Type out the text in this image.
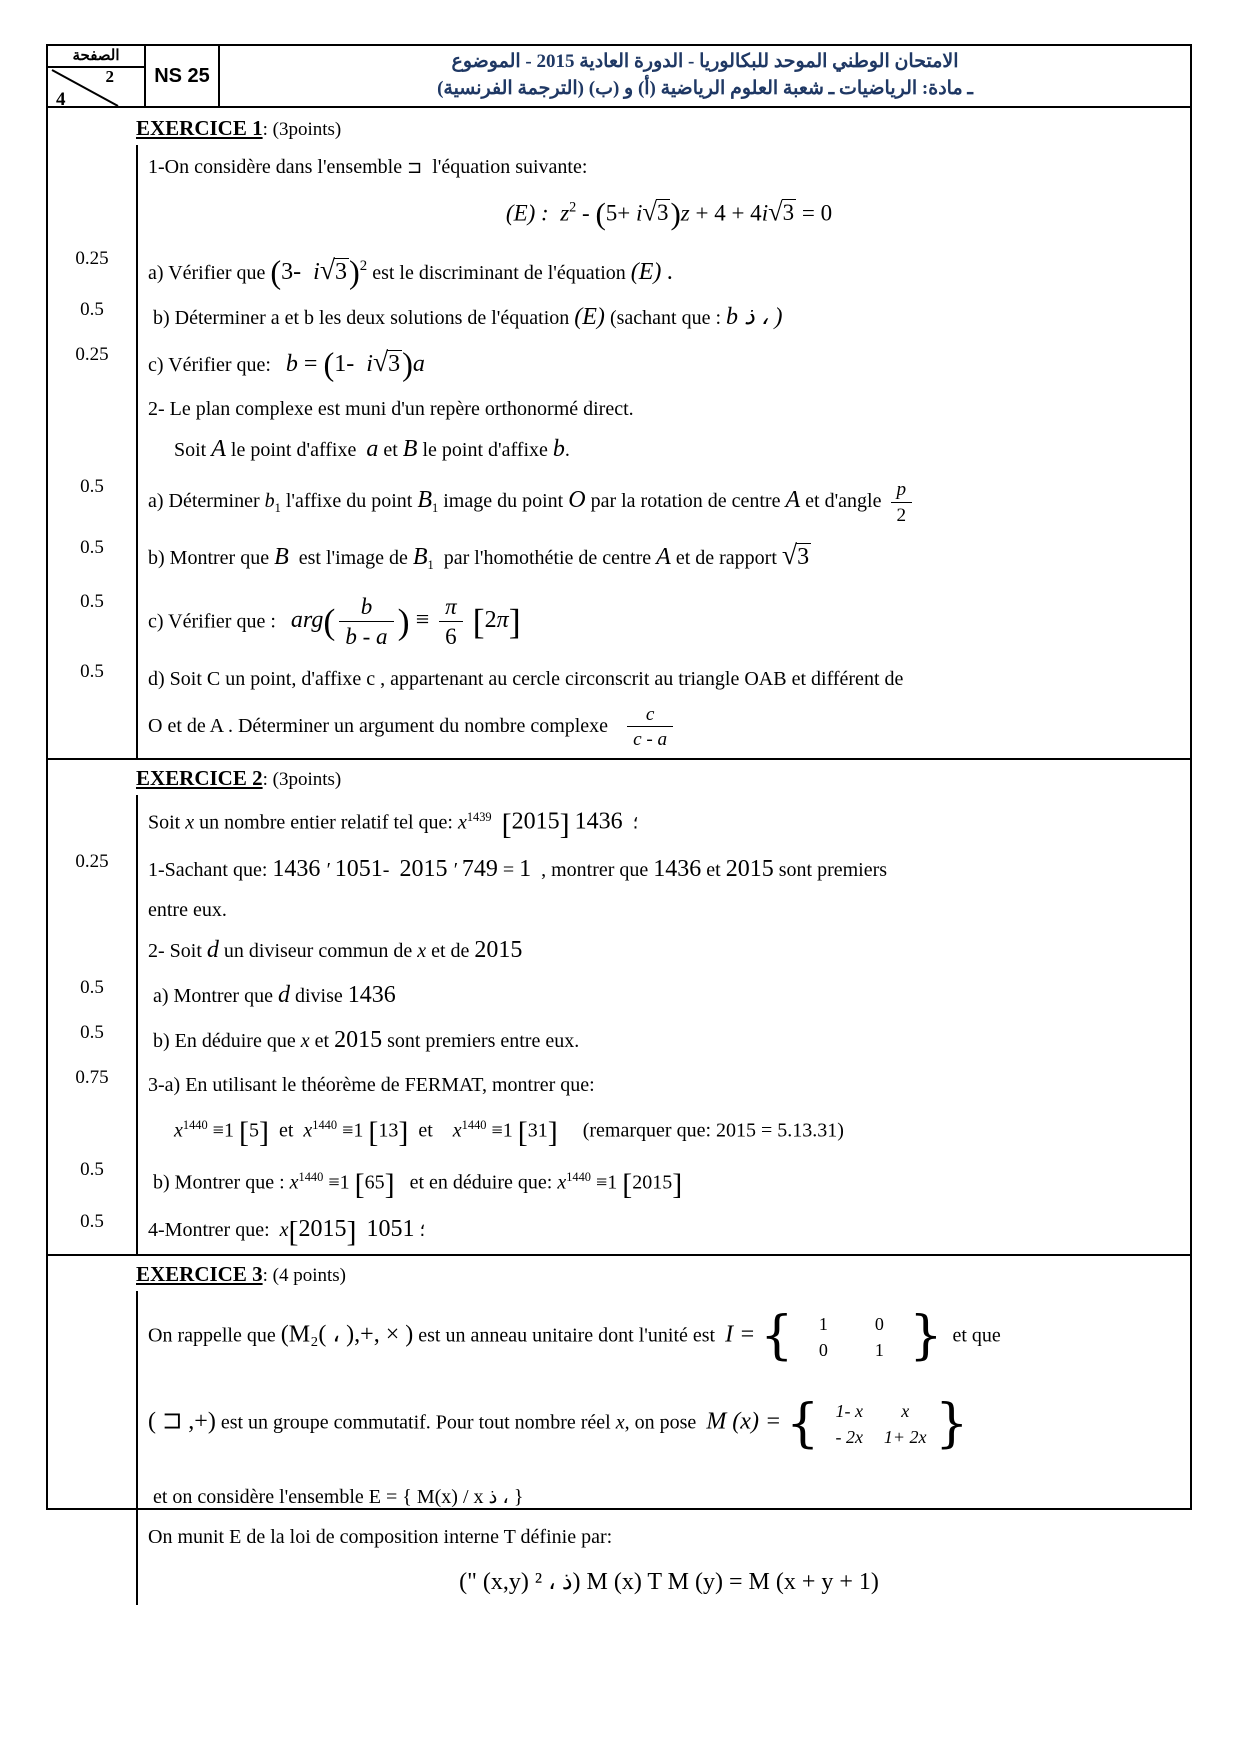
الصفحة
2
4
NS 25
الامتحان الوطني الموحد للبكالوريا - الدورة العادية 2015 - الموضوع
ـ مادة: الرياضيات ـ شعبة العلوم الرياضية (أ) و (ب) (الترجمة الفرنسية)
EXERCICE 1: (3points)
1-On considère dans l'ensemble ⊐ l'équation suivante:
(E) : $z^2 - (5+ i√3)z + 4 + 4i√3 = 0$
0.25
a) Vérifier que (3-  i√3)$^2$ est le discriminant de l'équation (E) .
0.5	b) Déterminer a et b les deux solutions de l'équation (E) (sachant que : b ذ ، )
0.25	c) Vérifier que: b = (1-  i√3)a
2- Le plan complexe est muni d'un repère orthonormé direct.
Soit A le point d'affixe a et B le point d'affixe b.
0.5
a) Déterminer $b_1$ l'affixe du point $B_1$ image du point O par la rotation de centre A et d'angle $\frac{p}{2}$
0.5	b) Montrer que B  est l'image de $B_1$  par l'homothétie de centre A et de rapport √3
0.5
c) Vérifier que : $arg( \frac{b}{b - a}$ ) ≡ $\frac{\pi}{6} [2\pi]$
0.5	d) Soit C un point, d'affixe c , appartenant au cercle circonscrit au triangle OAB et différent de
O et de A . Déterminer un argument du nombre complexe $\frac{c}{c - a}$
EXERCICE 2: (3points)
Soit x un nombre entier relatif tel que: $x^{1439}$	؛  1436 [2015]
0.25	1-Sachant que: 1436 ′ 1051-  2015 ′ 749 = 1  , montrer que 1436 et 2015 sont premiers
entre eux.
2- Soit d un diviseur commun de x et de 2015
0.5	a) Montrer que d divise 1436
0.5	b) En déduire que x et 2015 sont premiers entre eux.
0.75	3-a) En utilisant le théorème de FERMAT, montrer que:
$x^{1440} \equiv 1$ [5]  et  $x^{1440} \equiv 1$ [13]  et    $x^{1440} \equiv 1$ [31]     (remarquer que: 2015 = 5.13.31)
0.5
b) Montrer que : $x^{1440} \equiv 1$ [65]   et en déduire que: $x^{1440} \equiv 1$ [2015]
0.5	4-Montrer que:  x	؛ 1051  [2015]
EXERCICE 3: (4 points)
On rappelle que (M₂( ، ),+, × ) est un anneau unitaire dont l'unité est I = {	1	0
0	1 } et que
( ⊐ ,+) est un groupe commutatif. Pour tout nombre réel x, on pose M (x) = { 1- x x
- 2x 1+ 2x }
et on considère l'ensemble E = { M(x) / x ذ ، }
On munit E de la loi de composition interne T définie par:
(" (x,y) ذ ، ²) M (x) T M (y) = M (x + y + 1)
